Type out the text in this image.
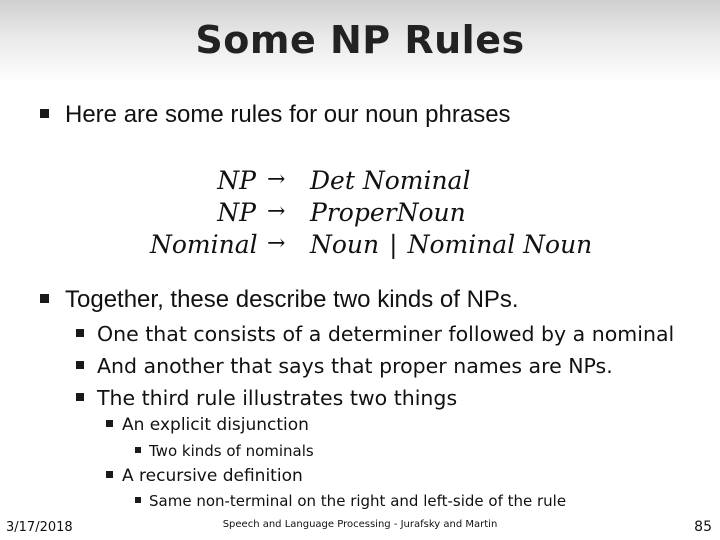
Some NP Rules
Here are some rules for our noun phrases
NP → Det Nominal
NP → ProperNoun
Nominal → Noun | Nominal Noun
Together, these describe two kinds of NPs.
One that consists of a determiner followed by a nominal
And another that says that proper names are NPs.
The third rule illustrates two things
An explicit disjunction
Two kinds of nominals
A recursive definition
Same non-terminal on the right and left-side of the rule
3/17/2018	Speech and Language Processing - Jurafsky and Martin	85
